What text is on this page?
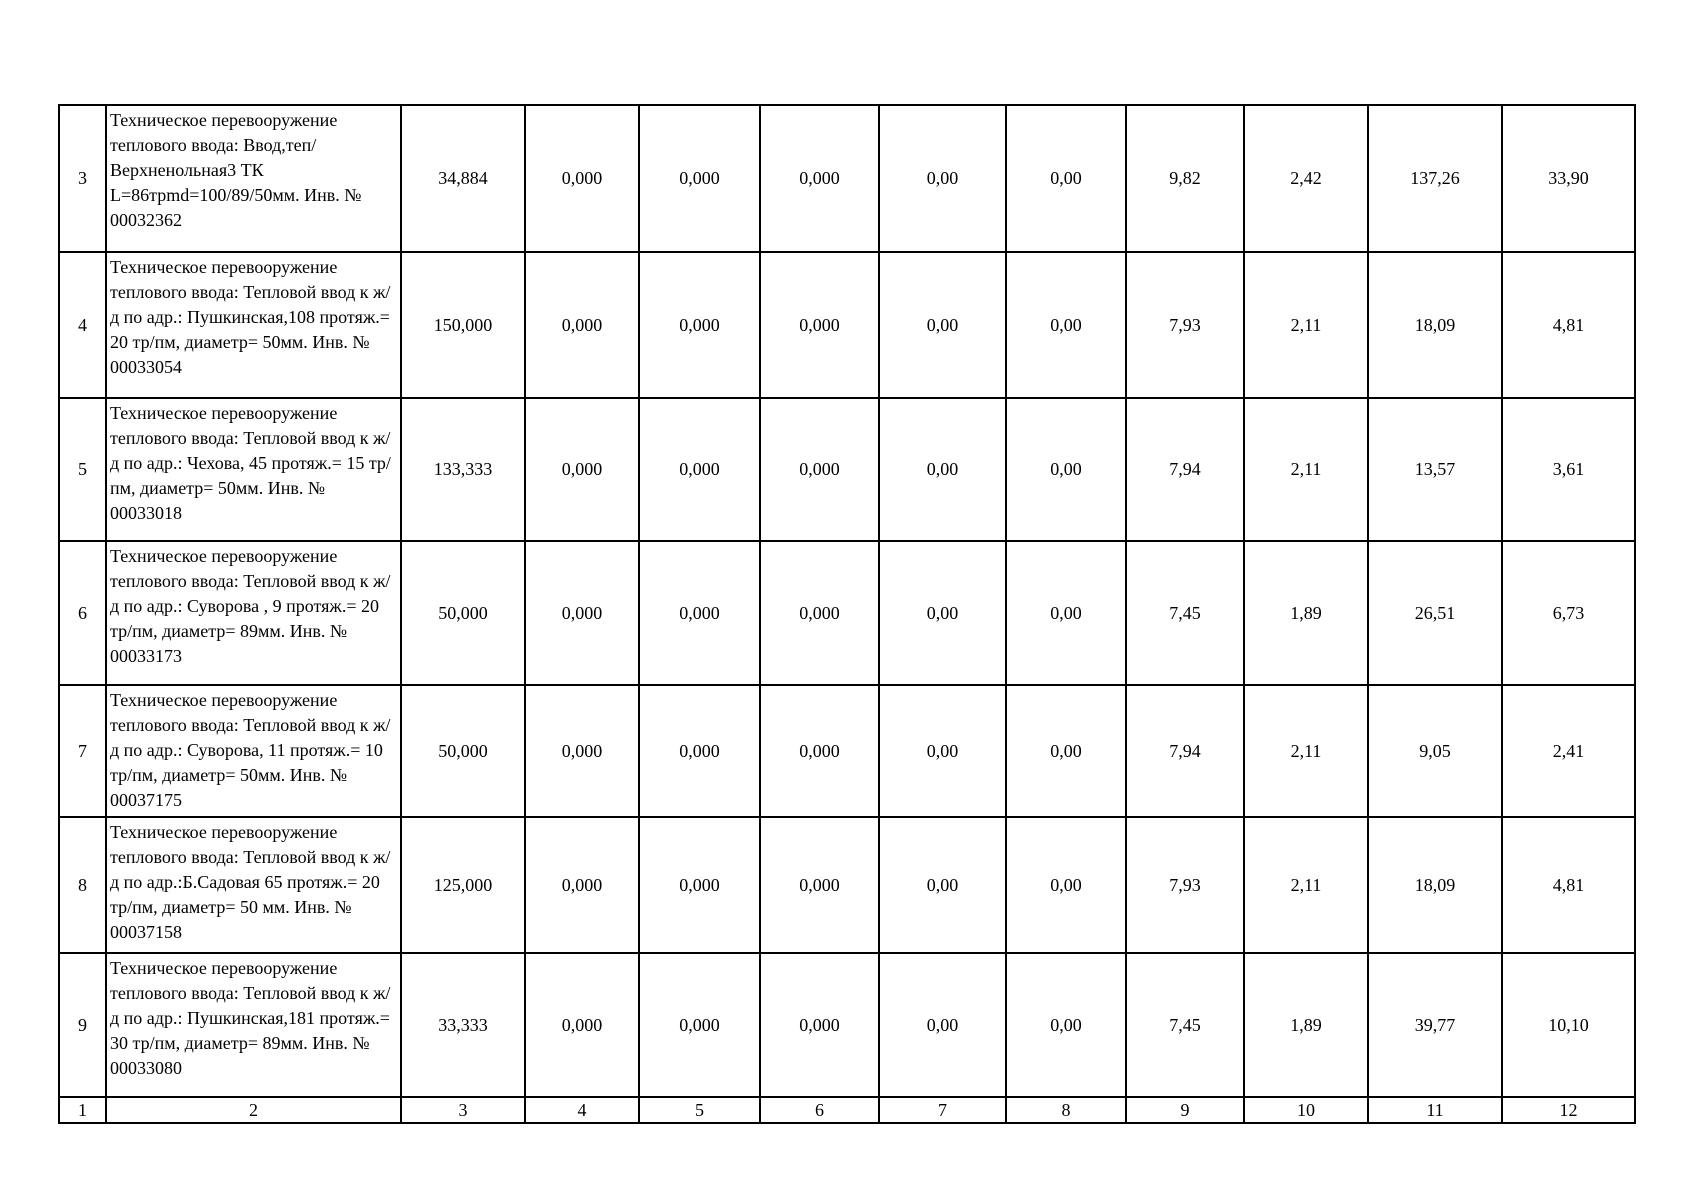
3	Техническое перевооружение теплового ввода: Ввод,теп/ Верхненольная3 ТК L=86трmd=100/89/50мм. Инв. № 00032362	34,884	0,000	0,000	0,000	0,00	0,00	9,82	2,42	137,26	33,90
4	Техническое перевооружение теплового ввода: Тепловой ввод к ж/д по адр.: Пушкинская,108 протяж.= 20 тр/пм, диаметр= 50мм. Инв. № 00033054	150,000	0,000	0,000	0,000	0,00	0,00	7,93	2,11	18,09	4,81
5	Техническое перевооружение теплового ввода: Тепловой ввод к ж/д по адр.: Чехова, 45 протяж.= 15 тр/пм, диаметр= 50мм. Инв. № 00033018	133,333	0,000	0,000	0,000	0,00	0,00	7,94	2,11	13,57	3,61
6	Техническое перевооружение теплового ввода: Тепловой ввод к ж/д по адр.: Суворова , 9 протяж.= 20 тр/пм, диаметр= 89мм. Инв. № 00033173	50,000	0,000	0,000	0,000	0,00	0,00	7,45	1,89	26,51	6,73
7	Техническое перевооружение теплового ввода: Тепловой ввод к ж/д по адр.: Суворова, 11 протяж.= 10 тр/пм, диаметр= 50мм. Инв. № 00037175	50,000	0,000	0,000	0,000	0,00	0,00	7,94	2,11	9,05	2,41
8	Техническое перевооружение теплового ввода: Тепловой ввод к ж/д по адр.:Б.Садовая 65 протяж.= 20 тр/пм, диаметр= 50 мм. Инв. № 00037158	125,000	0,000	0,000	0,000	0,00	0,00	7,93	2,11	18,09	4,81
9	Техническое перевооружение теплового ввода: Тепловой ввод к ж/д по адр.: Пушкинская,181 протяж.= 30 тр/пм, диаметр= 89мм. Инв. № 00033080	33,333	0,000	0,000	0,000	0,00	0,00	7,45	1,89	39,77	10,10
1	2	3	4	5	6	7	8	9	10	11	12
